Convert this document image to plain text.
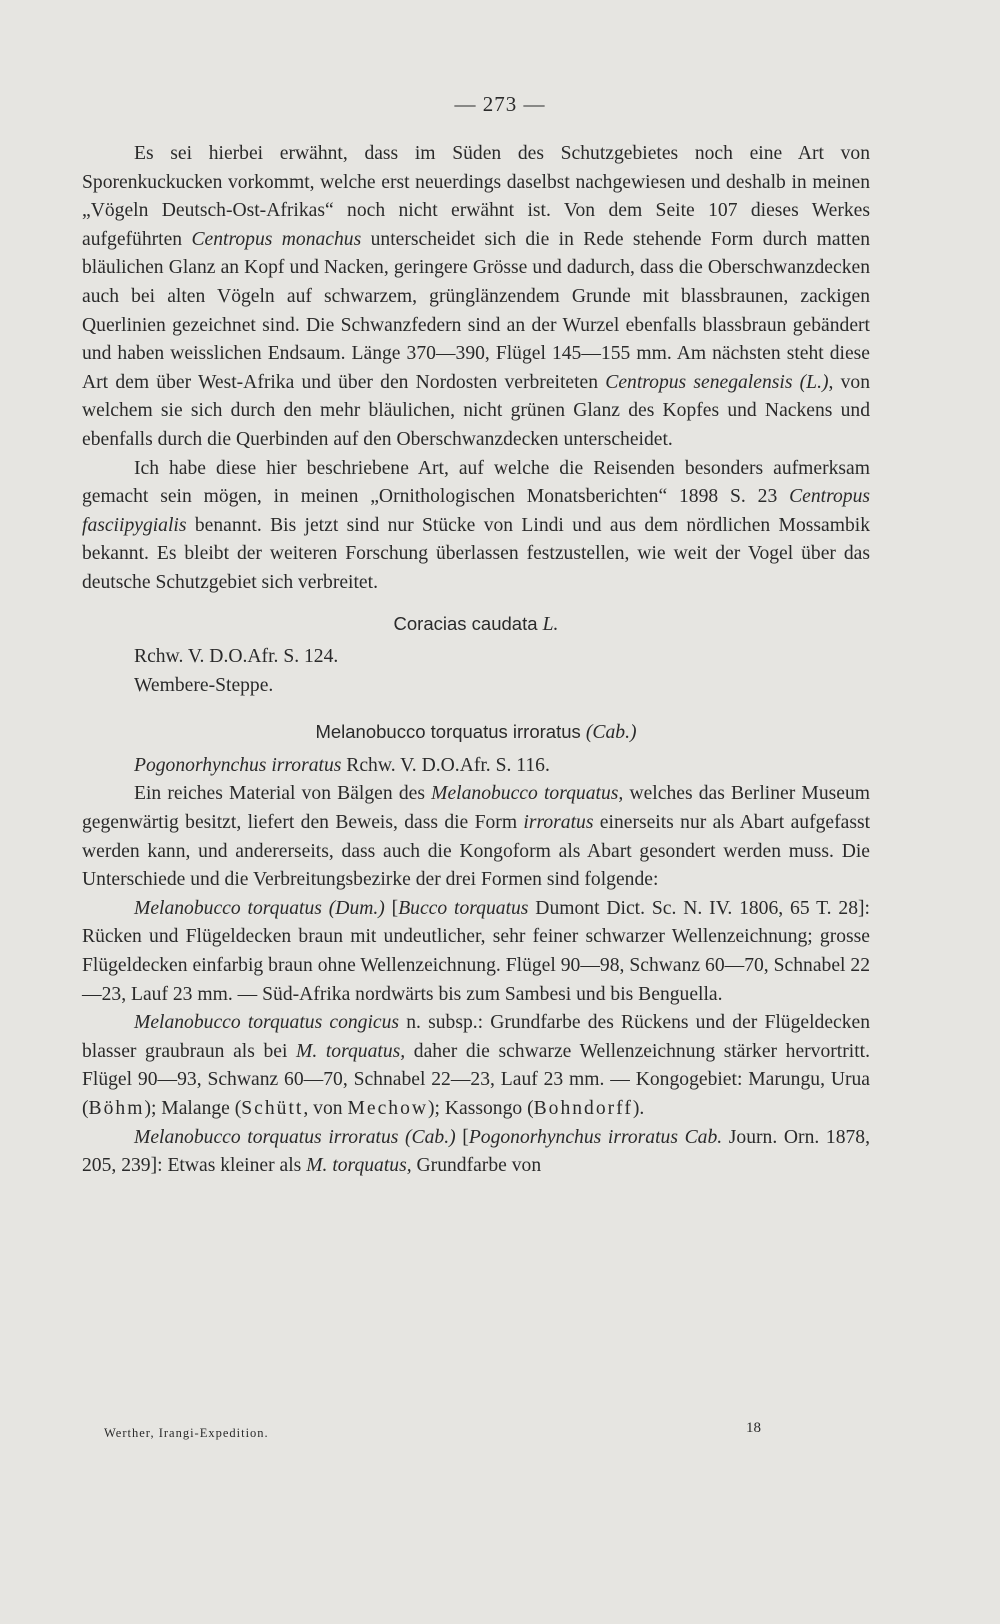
— 273 —

Es sei hierbei erwähnt, dass im Süden des Schutzgebietes noch eine Art von Sporenkuckucken vorkommt, welche erst neuerdings daselbst nachgewiesen und deshalb in meinen „Vögeln Deutsch-Ost-Afrikas“ noch nicht erwähnt ist. Von dem Seite 107 dieses Werkes aufgeführten Centropus monachus unterscheidet sich die in Rede stehende Form durch matten bläulichen Glanz an Kopf und Nacken, geringere Grösse und dadurch, dass die Oberschwanzdecken auch bei alten Vögeln auf schwarzem, grünglänzendem Grunde mit blassbraunen, zackigen Querlinien gezeichnet sind. Die Schwanzfedern sind an der Wurzel ebenfalls blassbraun gebändert und haben weisslichen Endsaum. Länge 370—390, Flügel 145—155 mm. Am nächsten steht diese Art dem über West-Afrika und über den Nordosten verbreiteten Centropus senegalensis (L.), von welchem sie sich durch den mehr bläulichen, nicht grünen Glanz des Kopfes und Nackens und ebenfalls durch die Querbinden auf den Oberschwanzdecken unterscheidet.

Ich habe diese hier beschriebene Art, auf welche die Reisenden besonders aufmerksam gemacht sein mögen, in meinen „Ornithologischen Monatsberichten“ 1898 S. 23 Centropus fasciipygialis benannt. Bis jetzt sind nur Stücke von Lindi und aus dem nördlichen Mossambik bekannt. Es bleibt der weiteren Forschung überlassen festzustellen, wie weit der Vogel über das deutsche Schutzgebiet sich verbreitet.

Coracias caudata L.

Rchw. V. D.O.Afr. S. 124.

Wembere-Steppe.

Melanobucco torquatus irroratus (Cab.)

Pogonorhynchus irroratus Rchw. V. D.O.Afr. S. 116.

Ein reiches Material von Bälgen des Melanobucco torquatus, welches das Berliner Museum gegenwärtig besitzt, liefert den Beweis, dass die Form irroratus einerseits nur als Abart aufgefasst werden kann, und andererseits, dass auch die Kongoform als Abart gesondert werden muss. Die Unterschiede und die Verbreitungsbezirke der drei Formen sind folgende:

Melanobucco torquatus (Dum.) [Bucco torquatus Dumont Dict. Sc. N. IV. 1806, 65 T. 28]: Rücken und Flügeldecken braun mit undeutlicher, sehr feiner schwarzer Wellenzeichnung; grosse Flügeldecken einfarbig braun ohne Wellenzeichnung. Flügel 90—98, Schwanz 60—70, Schnabel 22—23, Lauf 23 mm. — Süd-Afrika nordwärts bis zum Sambesi und bis Benguella.

Melanobucco torquatus congicus n. subsp.: Grundfarbe des Rückens und der Flügeldecken blasser graubraun als bei M. torquatus, daher die schwarze Wellenzeichnung stärker hervortritt. Flügel 90—93, Schwanz 60—70, Schnabel 22—23, Lauf 23 mm. — Kongogebiet: Marungu, Urua (Böhm); Malange (Schütt, von Mechow); Kassongo (Bohndorff).

Melanobucco torquatus irroratus (Cab.) [Pogonorhynchus irroratus Cab. Journ. Orn. 1878, 205, 239]: Etwas kleiner als M. torquatus, Grundfarbe von

Werther, Irangi-Expedition.	18
